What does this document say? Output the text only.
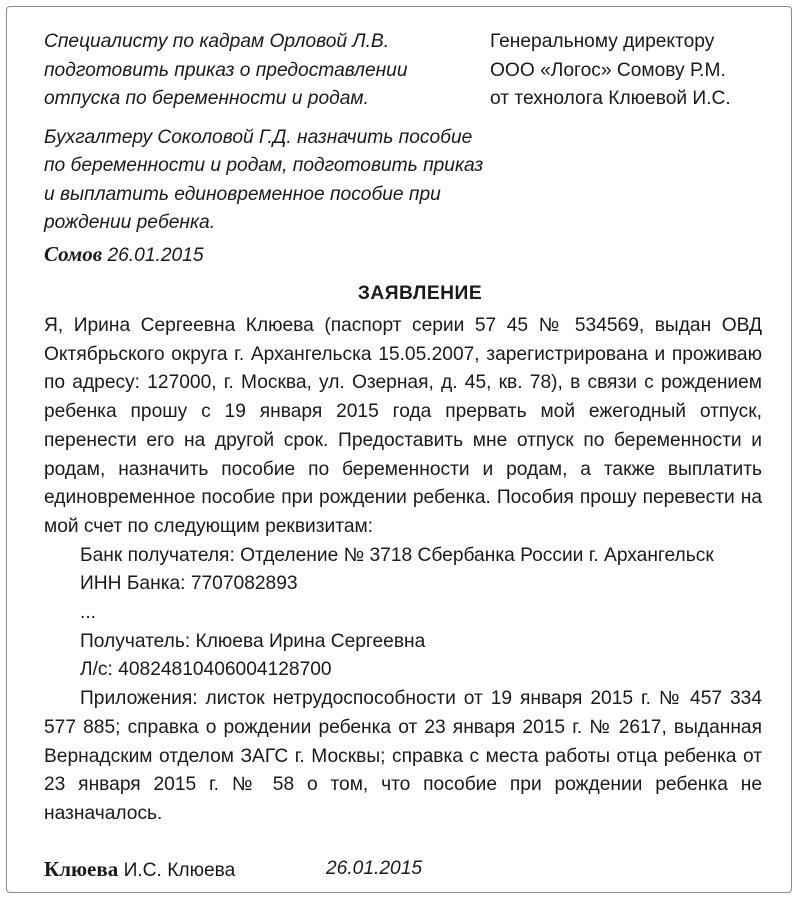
Специалисту по кадрам Орловой Л.В. подготовить приказ о предоставлении отпуска по беременности и родам.

Бухгалтеру Соколовой Г.Д. назначить пособие по беременности и родам, подготовить приказ и выплатить единовременное пособие при рождении ребенка.

Сомов 26.01.2015

Генеральному директору
ООО «Логос» Сомову Р.М.
от технолога Клюевой И.С.
ЗАЯВЛЕНИЕ

Я, Ирина Сергеевна Клюева (паспорт серии 57 45 № 534569, выдан ОВД Октябрьского округа г. Архангельска 15.05.2007, зарегистрирована и проживаю по адресу: 127000, г. Москва, ул. Озерная, д. 45, кв. 78), в связи с рождением ребенка прошу с 19 января 2015 года прервать мой ежегодный отпуск, перенести его на другой срок. Предоставить мне отпуск по беременности и родам, назначить пособие по беременности и родам, а также выплатить единовременное пособие при рождении ребенка. Пособия прошу перевести на мой счет по следующим реквизитам:

Банк получателя: Отделение № 3718 Сбербанка России г. Архангельск
ИНН Банка: 7707082893
...
Получатель: Клюева Ирина Сергеевна
Л/с: 40824810406004128700

Приложения: листок нетрудоспособности от 19 января 2015 г. № 457 334 577 885; справка о рождении ребенка от 23 января 2015 г. № 2617, выданная Вернадским отделом ЗАГС г. Москвы; справка с места работы отца ребенка от 23 января 2015 г. № 58 о том, что пособие при рождении ребенка не назначалось.

Клюева И.С. Клюева	26.01.2015
